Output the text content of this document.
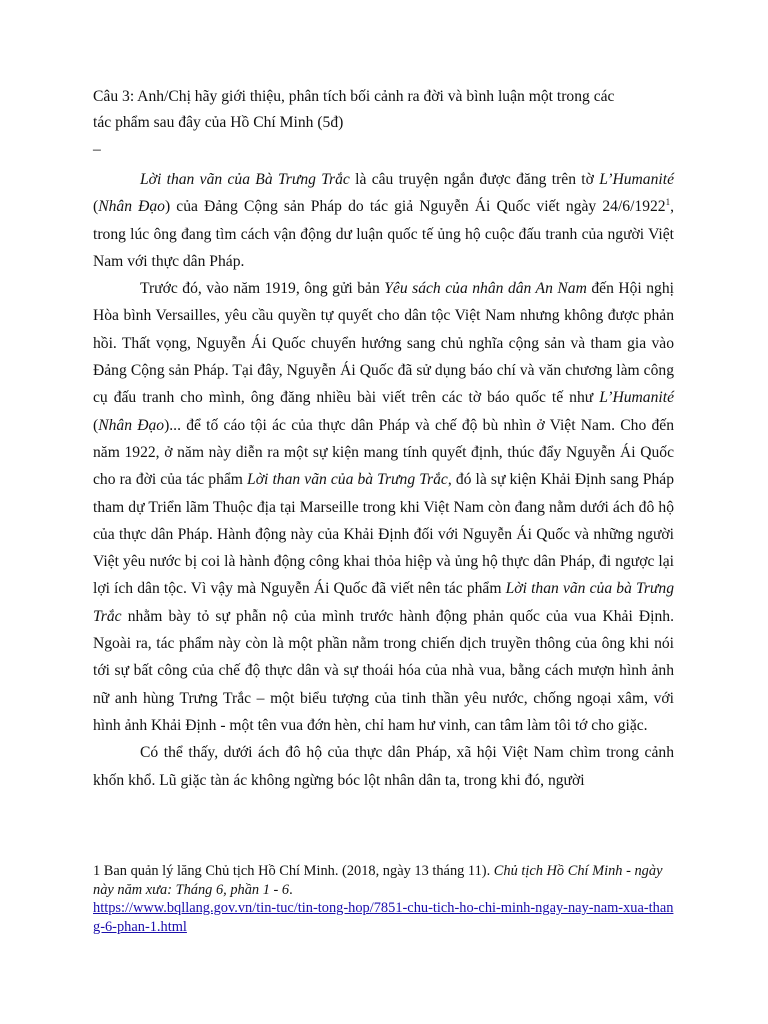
Câu 3: Anh/Chị hãy giới thiệu, phân tích bối cảnh ra đời và bình luận một trong các
tác phẩm sau đây của Hồ Chí Minh (5đ)
–

Lời than vãn của Bà Trưng Trắc là câu truyện ngắn được đăng trên tờ L’Humanité (Nhân Đạo) của Đảng Cộng sản Pháp do tác giả Nguyễn Ái Quốc viết ngày 24/6/1922$^1$, trong lúc ông đang tìm cách vận động dư luận quốc tế ủng hộ cuộc đấu tranh của người Việt Nam với thực dân Pháp.

Trước đó, vào năm 1919, ông gửi bản Yêu sách của nhân dân An Nam đến Hội nghị Hòa bình Versailles, yêu cầu quyền tự quyết cho dân tộc Việt Nam nhưng không được phản hồi. Thất vọng, Nguyễn Ái Quốc chuyển hướng sang chủ nghĩa cộng sản và tham gia vào Đảng Cộng sản Pháp. Tại đây, Nguyễn Ái Quốc đã sử dụng báo chí và văn chương làm công cụ đấu tranh cho mình, ông đăng nhiều bài viết trên các tờ báo quốc tế như L’Humanité (Nhân Đạo)... để tố cáo tội ác của thực dân Pháp và chế độ bù nhìn ở Việt Nam. Cho đến năm 1922, ở năm này diễn ra một sự kiện mang tính quyết định, thúc đẩy Nguyễn Ái Quốc cho ra đời của tác phẩm Lời than vãn của bà Trưng Trắc, đó là sự kiện Khải Định sang Pháp tham dự Triển lãm Thuộc địa tại Marseille trong khi Việt Nam còn đang nằm dưới ách đô hộ của thực dân Pháp. Hành động này của Khải Định đối với Nguyễn Ái Quốc và những người Việt yêu nước bị coi là hành động công khai thỏa hiệp và ủng hộ thực dân Pháp, đi ngược lại lợi ích dân tộc. Vì vậy mà Nguyễn Ái Quốc đã viết nên tác phẩm Lời than vãn của bà Trưng Trắc nhằm bày tỏ sự phẫn nộ của mình trước hành động phản quốc của vua Khải Định. Ngoài ra, tác phẩm này còn là một phần nằm trong chiến dịch truyền thông của ông khi nói tới sự bất công của chế độ thực dân và sự thoái hóa của nhà vua, bằng cách mượn hình ảnh nữ anh hùng Trưng Trắc – một biểu tượng của tinh thần yêu nước, chống ngoại xâm, với hình ảnh Khải Định - một tên vua đớn hèn, chỉ ham hư vinh, can tâm làm tôi tớ cho giặc.

Có thể thấy, dưới ách đô hộ của thực dân Pháp, xã hội Việt Nam chìm trong cảnh khốn khổ. Lũ giặc tàn ác không ngừng bóc lột nhân dân ta, trong khi đó, người

1 Ban quản lý lăng Chủ tịch Hồ Chí Minh. (2018, ngày 13 tháng 11). Chủ tịch Hồ Chí Minh - ngày này năm xưa: Tháng 6, phần 1 - 6.
https://www.bqllang.gov.vn/tin-tuc/tin-tong-hop/7851-chu-tich-ho-chi-minh-ngay-nay-nam-xua-thang-6-phan-1.html
